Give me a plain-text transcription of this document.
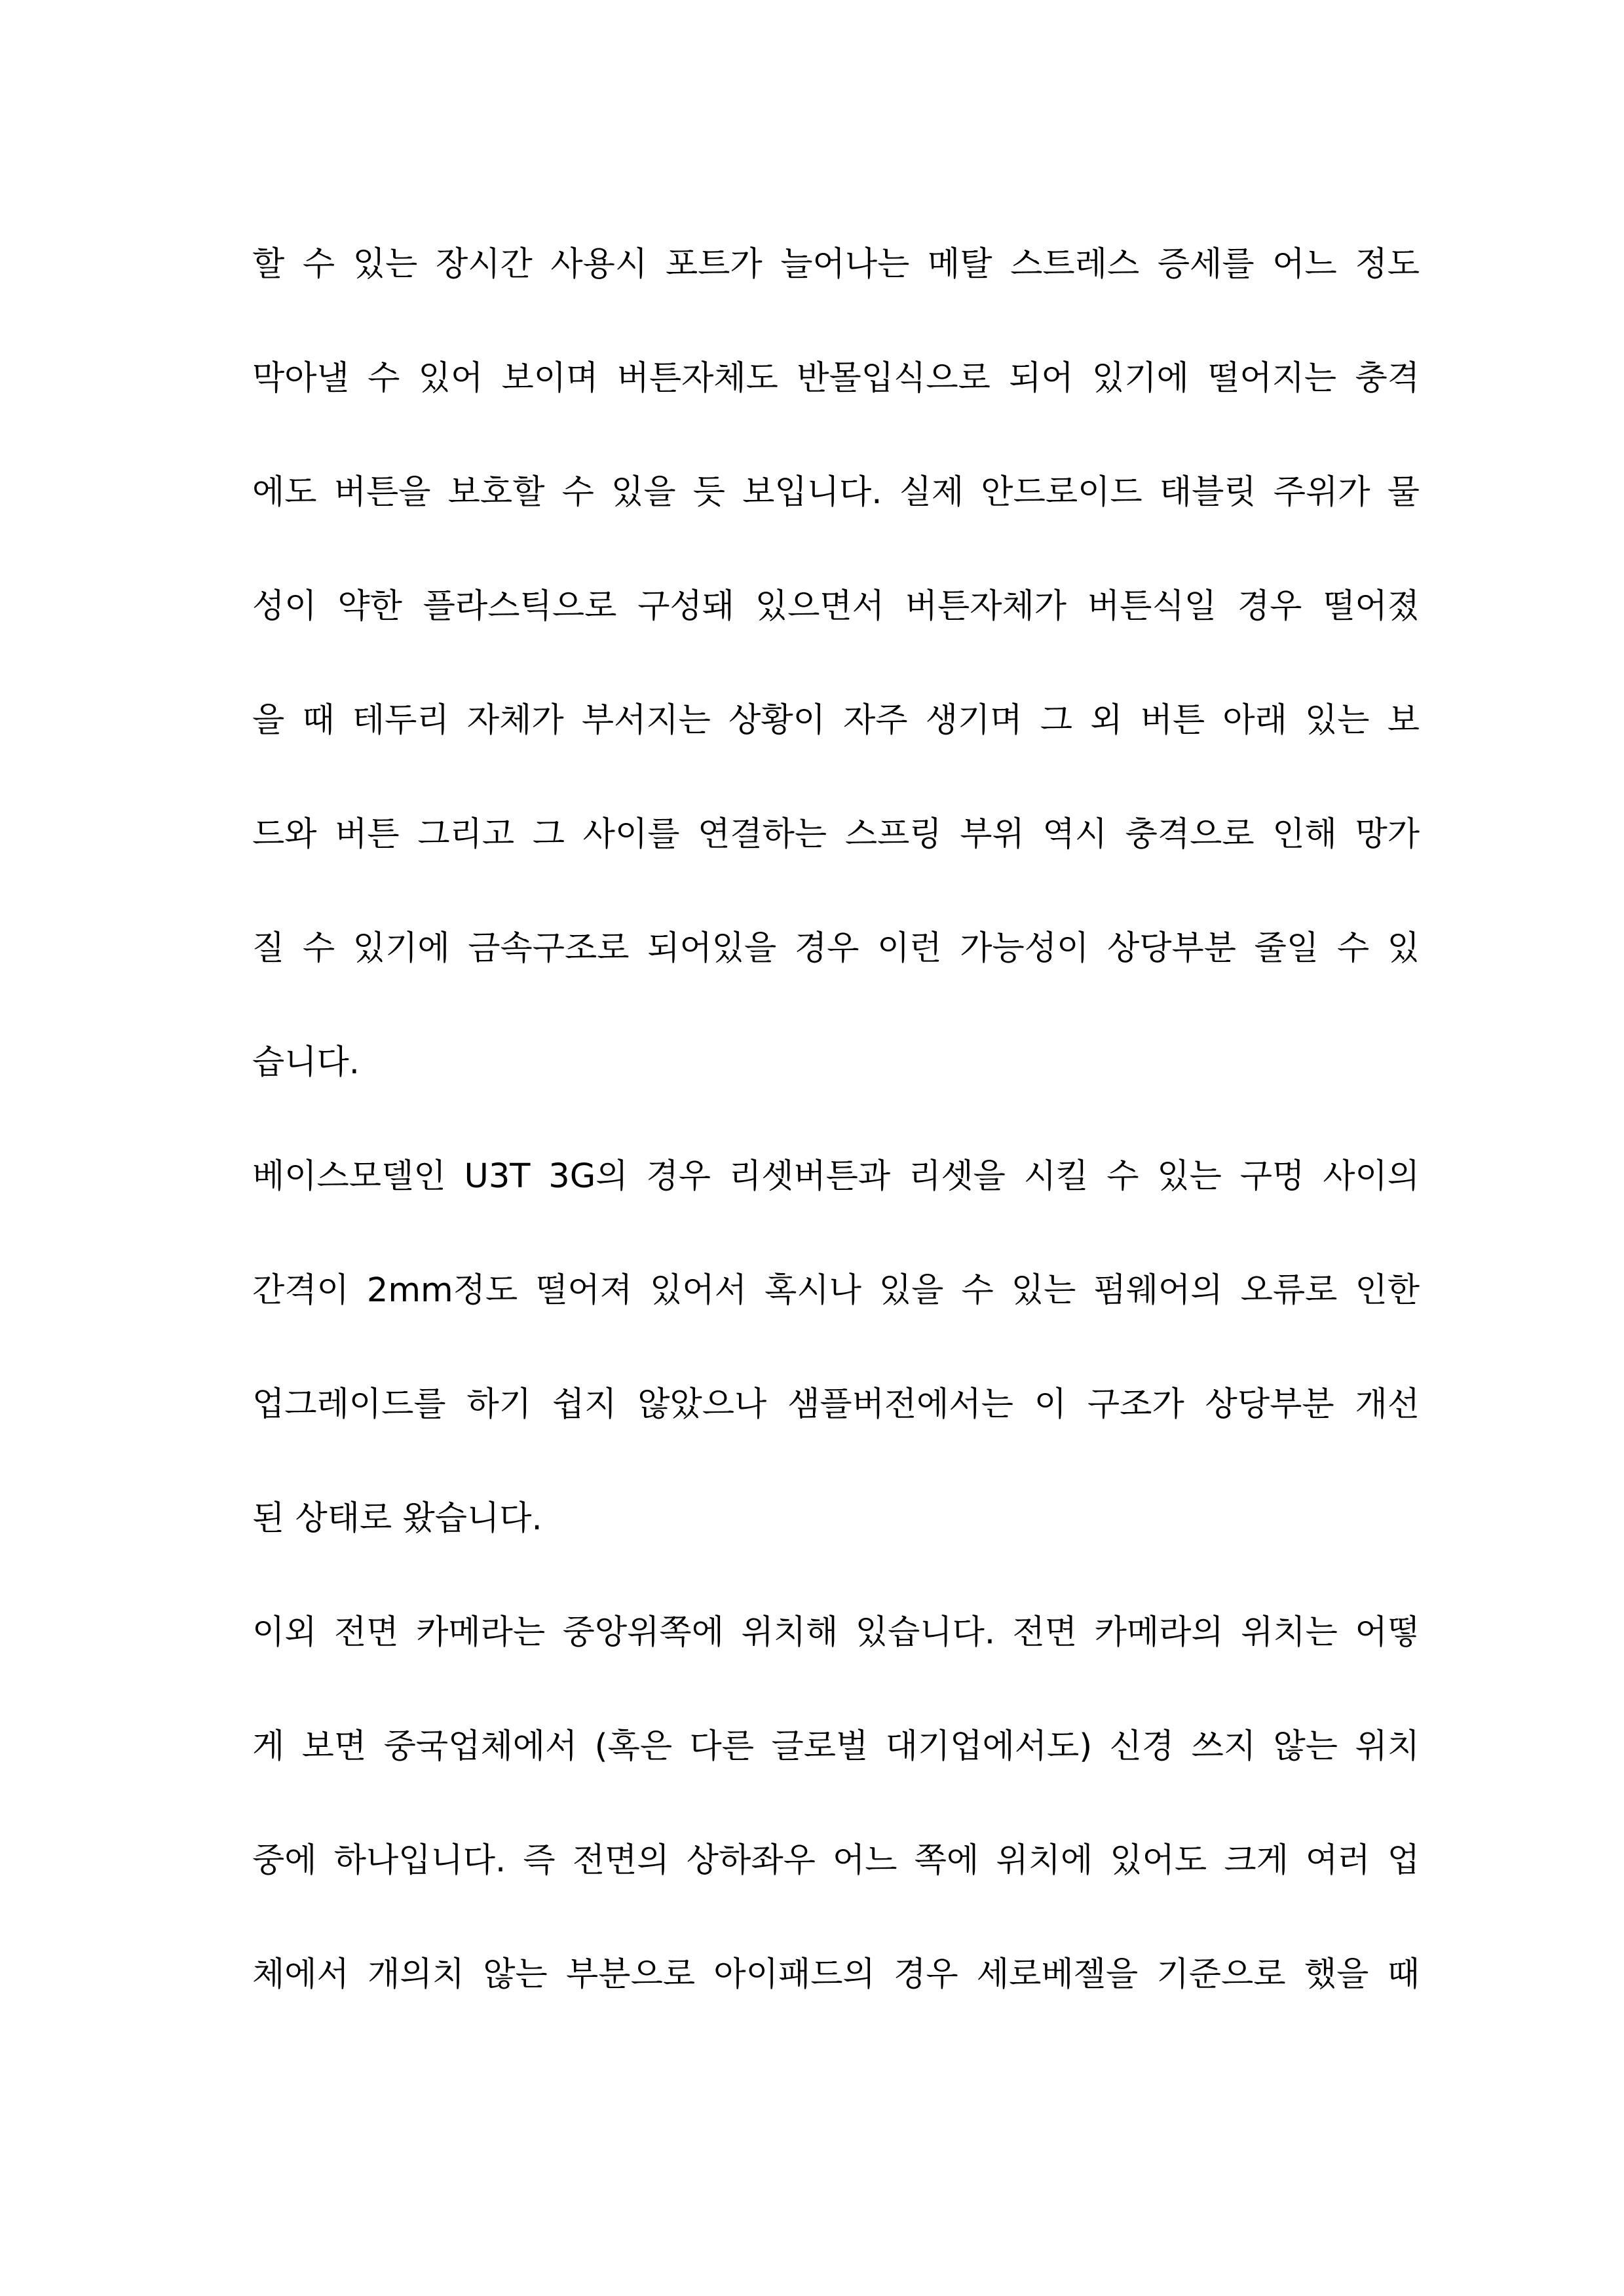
할 수 있는 장시간 사용시 포트가 늘어나는 메탈 스트레스 증세를 어느 정도
막아낼 수 있어 보이며 버튼자체도 반몰입식으로 되어 있기에 떨어지는 충격
에도 버튼을 보호할 수 있을 듯 보입니다. 실제 안드로이드 태블릿 주위가 물
성이 약한 플라스틱으로 구성돼 있으면서 버튼자체가 버튼식일 경우 떨어졌
을 때 테두리 자체가 부서지는 상황이 자주 생기며 그 외 버튼 아래 있는 보
드와 버튼 그리고 그 사이를 연결하는 스프링 부위 역시 충격으로 인해 망가
질 수 있기에 금속구조로 되어있을 경우 이런 가능성이 상당부분 줄일 수 있
습니다.
베이스모델인 U3T 3G의 경우 리셋버튼과 리셋을 시킬 수 있는 구멍 사이의
간격이 2mm정도 떨어져 있어서 혹시나 있을 수 있는 펌웨어의 오류로 인한
업그레이드를 하기 쉽지 않았으나 샘플버전에서는 이 구조가 상당부분 개선
된 상태로 왔습니다.
이외 전면 카메라는 중앙위쪽에 위치해 있습니다. 전면 카메라의 위치는 어떻
게 보면 중국업체에서 (혹은 다른 글로벌 대기업에서도) 신경 쓰지 않는 위치
중에 하나입니다. 즉 전면의 상하좌우 어느 쪽에 위치에 있어도 크게 여러 업
체에서 개의치 않는 부분으로 아이패드의 경우 세로베젤을 기준으로 했을 때
